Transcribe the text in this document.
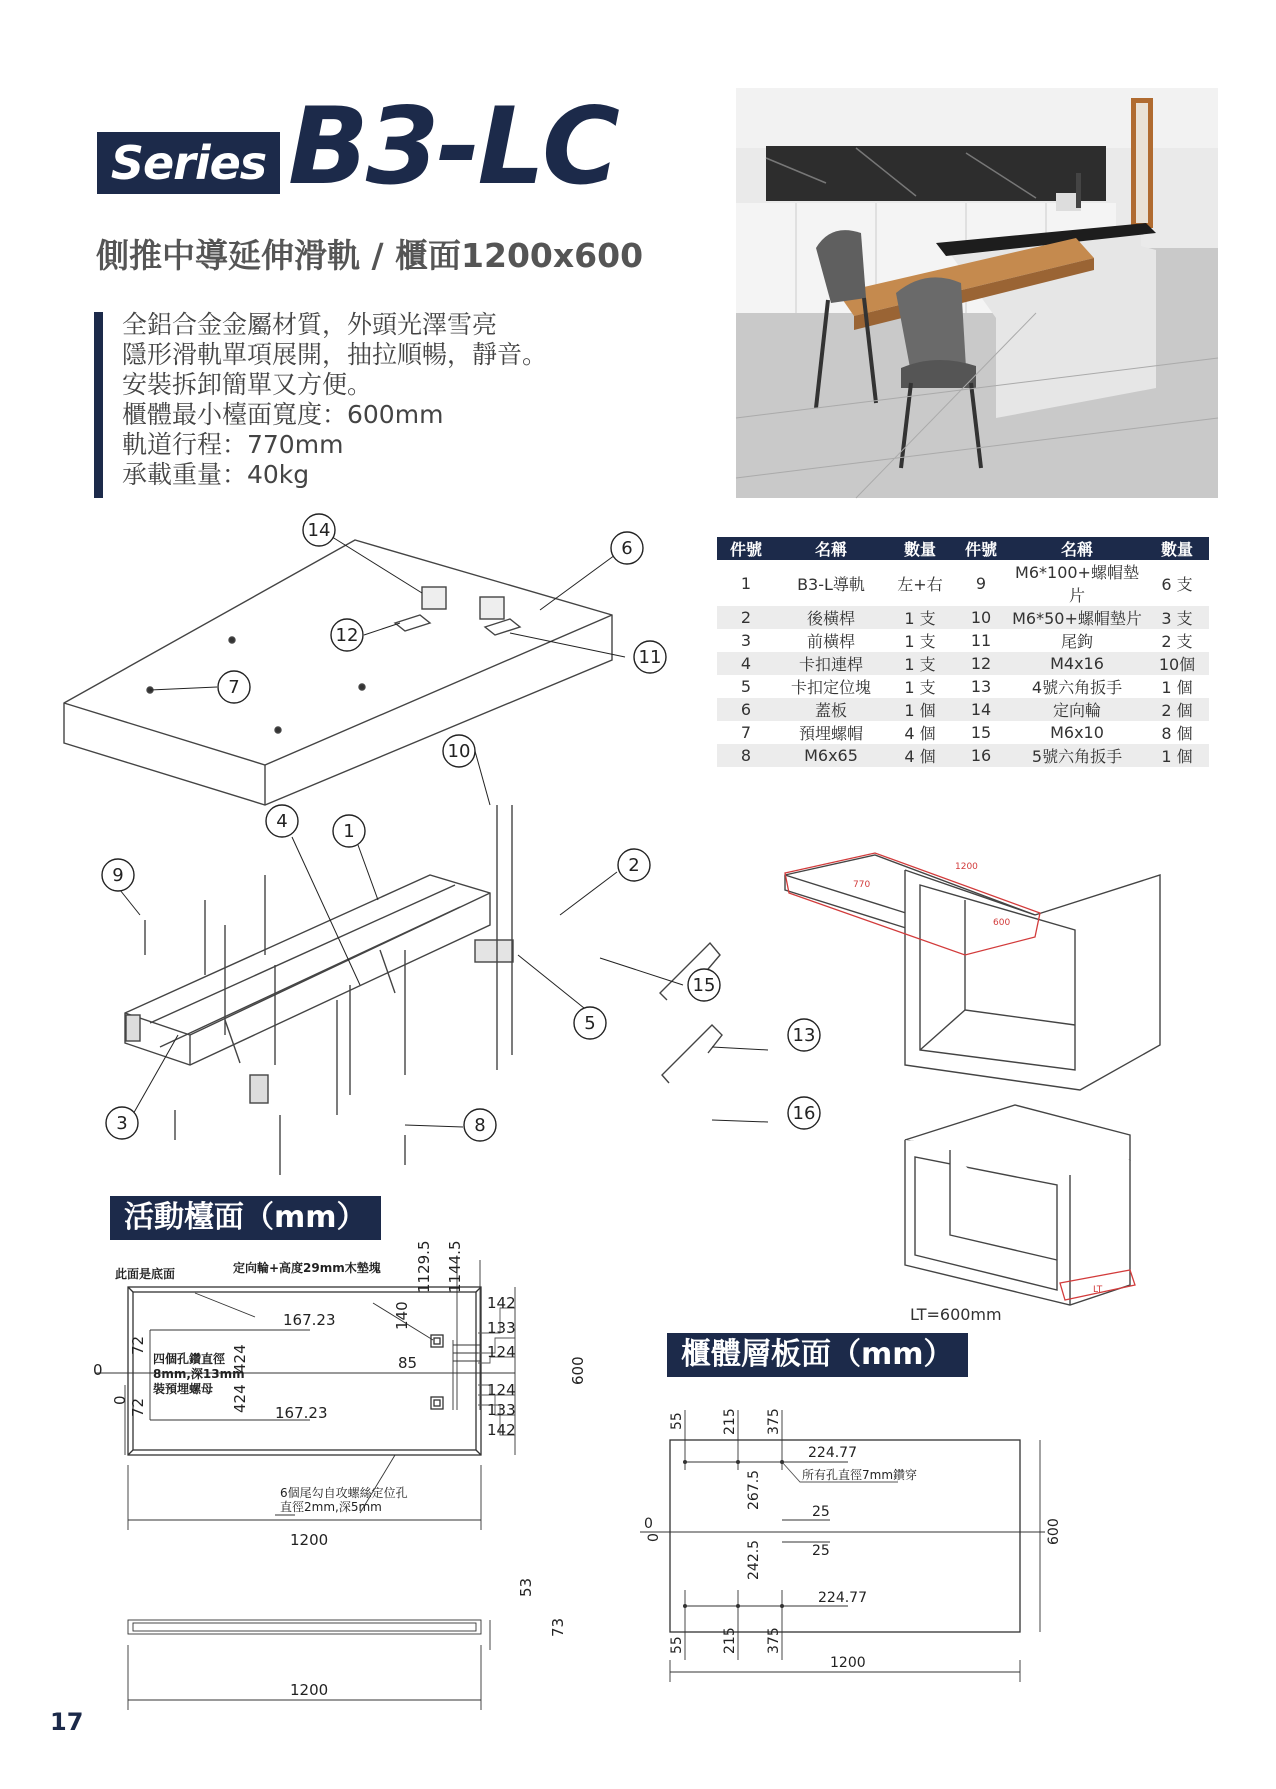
Series B3-LC
側推中導延伸滑軌 / 櫃面1200x600
全鋁合金金屬材質，外頭光澤雪亮
隱形滑軌單項展開，抽拉順暢，靜音。
安裝拆卸簡單又方便。
櫃體最小檯面寬度：600mm
軌道行程：770mm
承載重量：40kg
件號	名稱	數量	件號	名稱	數量
1	B3-L導軌	左+右	9	M6*100+螺帽墊片	6 支
2	後橫桿	1 支	10	M6*50+螺帽墊片	3 支
3	前橫桿	1 支	11	尾鉤	2 支
4	卡扣連桿	1 支	12	M4x16	10個
5	卡扣定位塊	1 支	13	4號六角扳手	1 個
6	蓋板	1 個	14	定向輪	2 個
7	預埋螺帽	4 個	15	M6x10	8 個
8	M6x65	4 個	16	5號六角扳手	1 個
14
6
12
11
7
10
4	1
9	2
15
5
13
3	8
16
1200
770
600
LT
LT=600mm
活動檯面（mm）
此面是底面	定向輪+高度29mm木墊塊
四個孔鑽直徑
8mm,深13mm
裝預埋螺母
6個尾勾自攻螺絲定位孔
直徑2mm,深5mm
167.23
167.23
85
0
142
133
124
124
133
142
1200
1200
72
72
424
424
140
1129.5 1144.5
600
0
53
73
櫃體層板面（mm）
224.77
所有孔直徑7mm鑽穿
25
25
224.77
1200
0
55	215 375
267.5
242.5
55	215 375
600
0
17
